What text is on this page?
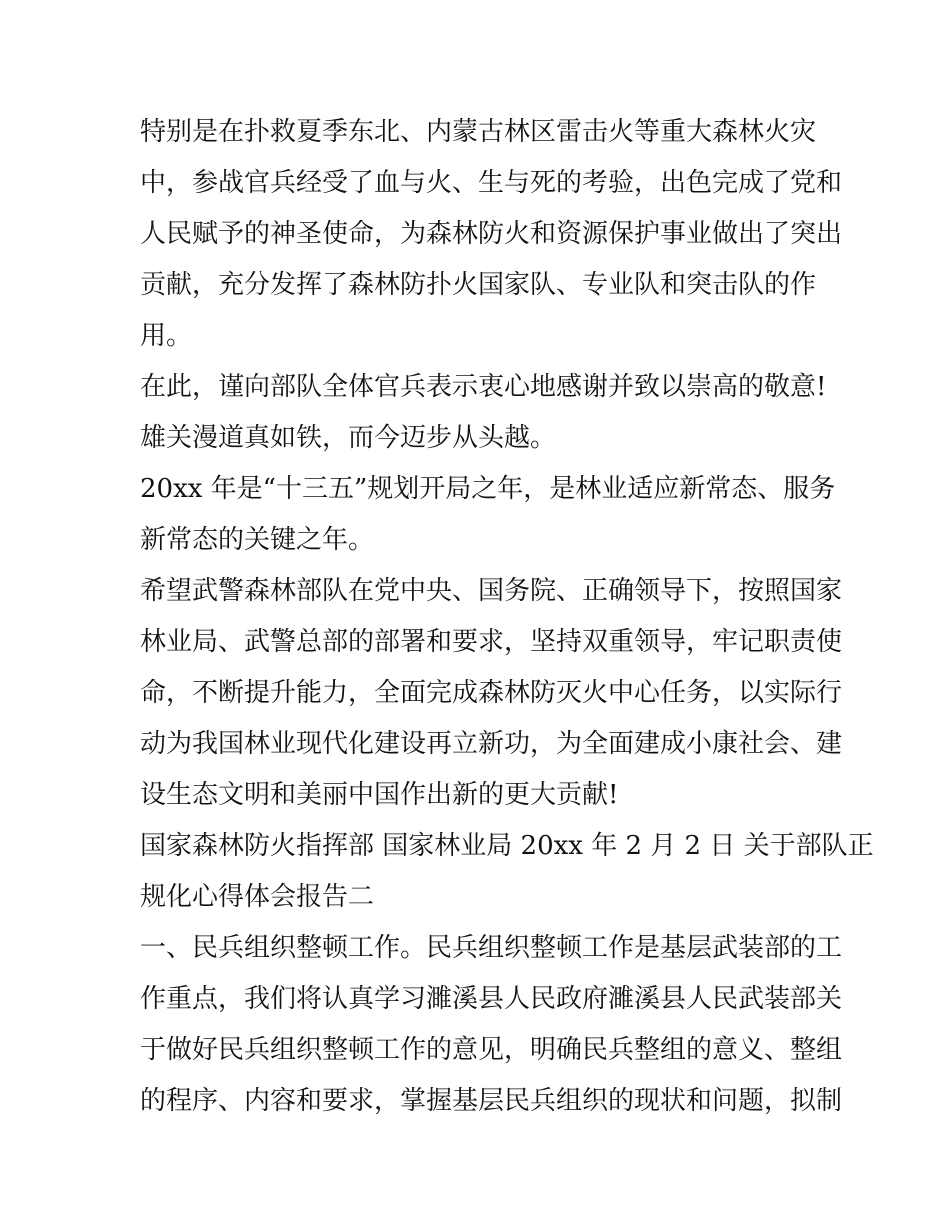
特别是在扑救夏季东北、内蒙古林区雷击火等重大森林火灾
中，参战官兵经受了血与火、生与死的考验，出色完成了党和
人民赋予的神圣使命，为森林防火和资源保护事业做出了突出
贡献，充分发挥了森林防扑火国家队、专业队和突击队的作
用。
在此，谨向部队全体官兵表示衷心地感谢并致以崇高的敬意!
雄关漫道真如铁，而今迈步从头越。
20xx 年是“十三五”规划开局之年，是林业适应新常态、服务
新常态的关键之年。
希望武警森林部队在党中央、国务院、正确领导下，按照国家
林业局、武警总部的部署和要求，坚持双重领导，牢记职责使
命，不断提升能力，全面完成森林防灭火中心任务，以实际行
动为我国林业现代化建设再立新功，为全面建成小康社会、建
设生态文明和美丽中国作出新的更大贡献!
国家森林防火指挥部 国家林业局 20xx 年 2 月 2 日 关于部队正
规化心得体会报告二
一、民兵组织整顿工作。民兵组织整顿工作是基层武装部的工
作重点，我们将认真学习濉溪县人民政府濉溪县人民武装部关
于做好民兵组织整顿工作的意见，明确民兵整组的意义、整组
的程序、内容和要求，掌握基层民兵组织的现状和问题，拟制
